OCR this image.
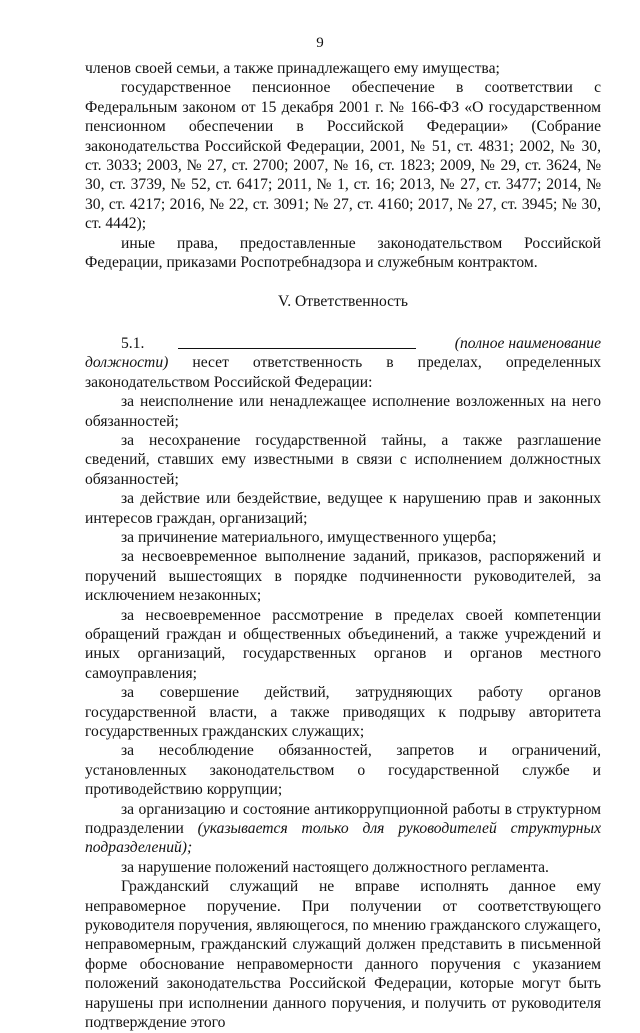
9

членов своей семьи, а также принадлежащего ему имущества;

государственное пенсионное обеспечение в соответствии с Федеральным законом от 15 декабря 2001 г. № 166-ФЗ «О государственном пенсионном обеспечении в Российской Федерации» (Собрание законодательства Российской Федерации, 2001, № 51, ст. 4831; 2002, № 30, ст. 3033; 2003, № 27, ст. 2700; 2007, № 16, ст. 1823; 2009, № 29, ст. 3624, № 30, ст. 3739, № 52, ст. 6417; 2011, № 1, ст. 16; 2013, № 27, ст. 3477; 2014, № 30, ст. 4217; 2016, № 22, ст. 3091; № 27, ст. 4160; 2017, № 27, ст. 3945; № 30, ст. 4442);

иные права, предоставленные законодательством Российской Федерации, приказами Роспотребнадзора и служебным контрактом.

V. Ответственность

5.1.	(полное наименование

должности) несет ответственность в пределах, определенных законодательством Российской Федерации:

за неисполнение или ненадлежащее исполнение возложенных на него обязанностей;

за несохранение государственной тайны, а также разглашение сведений, ставших ему известными в связи с исполнением должностных обязанностей;

за действие или бездействие, ведущее к нарушению прав и законных интересов граждан, организаций;

за причинение материального, имущественного ущерба;

за несвоевременное выполнение заданий, приказов, распоряжений и поручений вышестоящих в порядке подчиненности руководителей, за исключением незаконных;

за несвоевременное рассмотрение в пределах своей компетенции обращений граждан и общественных объединений, а также учреждений и иных организаций, государственных органов и органов местного самоуправления;

за совершение действий, затрудняющих работу органов государственной власти, а также приводящих к подрыву авторитета государственных гражданских служащих;

за несоблюдение обязанностей, запретов и ограничений, установленных законодательством о государственной службе и противодействию коррупции;

за организацию и состояние антикоррупционной работы в структурном подразделении (указывается только для руководителей структурных подразделений);

за нарушение положений настоящего должностного регламента.

Гражданский служащий не вправе исполнять данное ему неправомерное поручение. При получении от соответствующего руководителя поручения, являющегося, по мнению гражданского служащего, неправомерным, гражданский служащий должен представить в письменной форме обоснование неправомерности данного поручения с указанием положений законодательства Российской Федерации, которые могут быть нарушены при исполнении данного поручения, и получить от руководителя подтверждение этого
